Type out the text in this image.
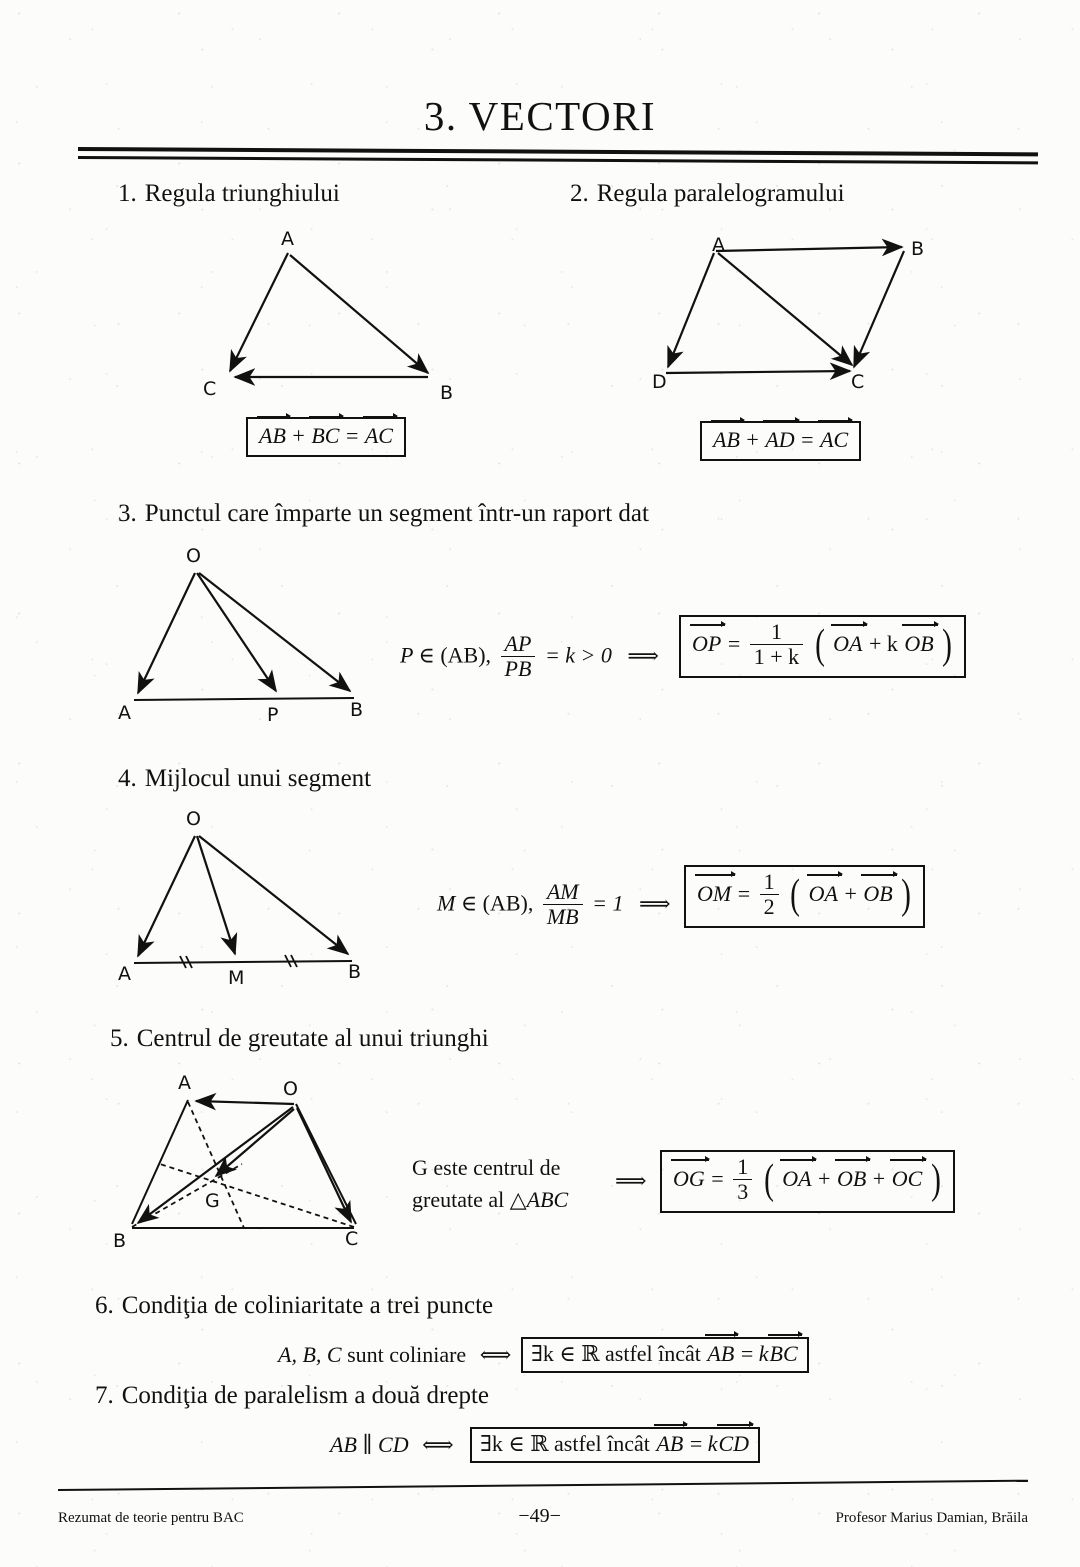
3. VECTORI
1. Regula triunghiului
A
C	B
AB + BC = AC
2. Regula paralelogramului
A	B
D	C
AB + AD = AC
3. Punctul care împarte un segment într-un raport dat
O
A	P	B
P ∈ (AB), $\frac{AP}{PB} = k > 0$ ⟹	OP = $\frac{1}{1 + k}$ ( OA + k OB )
4. Mijlocul unui segment
O
A	M	B
M ∈ (AB), $\frac{AM}{MB} = 1$ ⟹	OM = $\frac{1}{2}$ ( OA + OB )
5. Centrul de greutate al unui triunghi
A	O
G
B	C
G este centrul de
greutate al △ABC
⟹	OG = $\frac{1}{3}$ ( OA + OB + OC )
6. Condiţia de coliniaritate a trei puncte
A, B, C sunt coliniare ⟺ ∃k ∈ ℝ astfel încât AB = kBC
7. Condiţia de paralelism a două drepte
AB ∥ CD ⟺	∃k ∈ ℝ astfel încât AB = kCD
Rezumat de teorie pentru BAC	−49−	Profesor Marius Damian, Brăila
